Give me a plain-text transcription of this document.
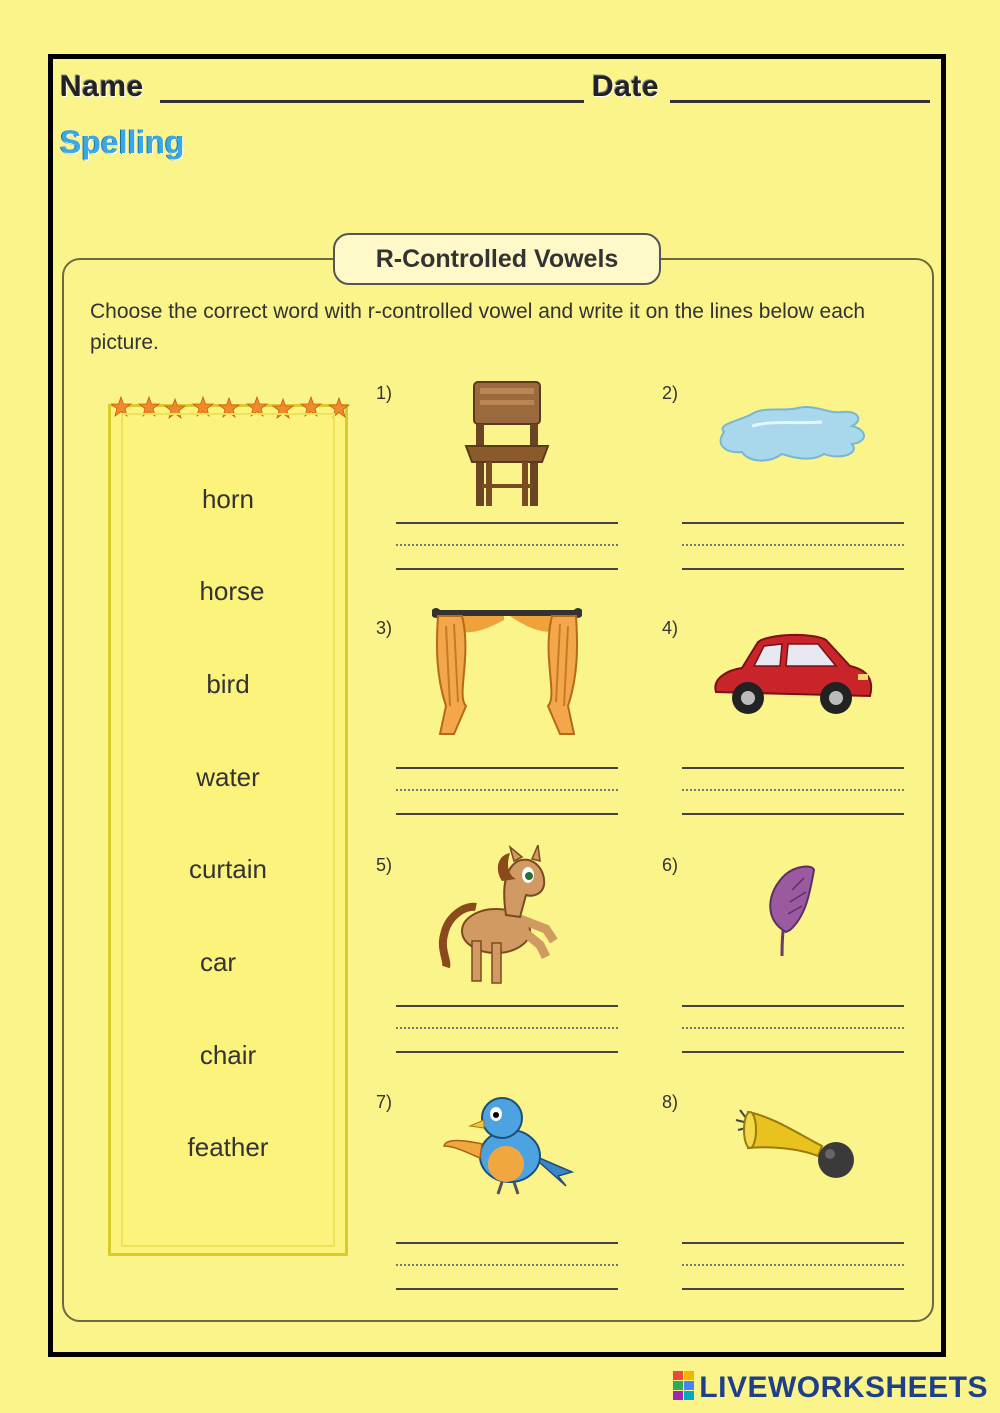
Name	Date
Spelling
R-Controlled Vowels
Choose the correct word with r-controlled vowel and write it on the lines below each picture.
horn
horse
bird
water
curtain
car
chair
feather
1)	2)
3)	4)
5)	6)
7)	8)
LIVEWORKSHEETS
